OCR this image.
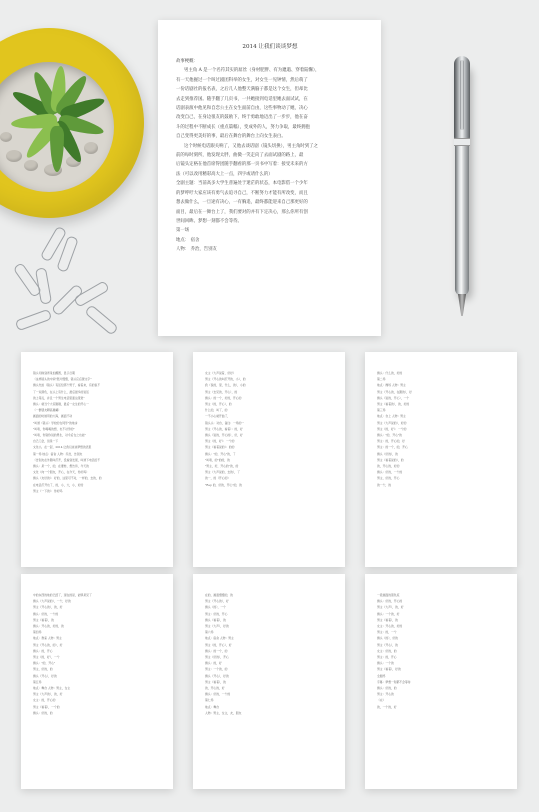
2014 让我们谈谈梦想
故事梗概：
男主角 A 是一个名符其实的屌丝（身材肥胖、有为邋遢、穿着陆懈），
有一天他握过一个叫过剧团科举的女生，对女生一见钟情，然后萌了
一份话剧社的报名表，之后几人他整天满脑子都是这个女生，但却比
去走到推荐国。随手翻了几页书，一共她接到电话里她去面试试，在
话剧表演中他见和自恋公主在女生面前自由，这些事物动了她，决心
改变自己，在身边很友的鼓励下，终于勇敢地迈出了一步步，他在奋
斗的过程中不断成长（重点篇幅），变成外的人，努力争取，最终拥抱
自己变得更美好的事，最后在舞台的舞台上向女生表白。
这个时候电话跟关响了，又他去谈话剧（镜头切换），男主角时到了之
前的每时刻所，他发现太胖，曲微一笑走向了去面试剧的路上，最
后镜头定格在他首席得团随手翻看的那一页书中写着：接受未来的方
法（可以改用精彩高大上一点，四字或请什么的）
全剧主题：当前高多大学生普遍处于迷茫的状态，本电影借一个少年
的梦呼吁大家应该有勇气去追寻自己，不断努力才能有所改变，而且
想去做什么，一旦途有决心，一有胸追，最终都能迎来自己那更好的
面目，最后在一舞台上了，我们要对的并有下定决心，那么你所有创
世间回眸。梦想一刻都不会等待。
第一场
地点： 宿舍
人物： 乔治，告别友
镜头切换到背景拍摄图，显示日期
（这样镜头的中间"图片慢慢，镜头应后蒙文字"
旗头先拍（镜头）有话给那个男子，看着来，有的说不
了一双颜色，在头上有什么，最后最多的说话
的上等点，并且一个男生电话里面这里宽"
旗头：就当个大家刚刚，最后一女生的开心一
（一群朋友聊高晨曦）
画面的时候用的大海，画面不动
"叫道（镜头）学校的女同学"的地步
"叫咱，你喝喝的想，也不对学的"
"叫咱，你别你说的男生，对今后女之也能"
自己门会，但是一下
文化小，在一起，2014 让我们谈谈梦想的表里
第一场 地点：宿舍 人物：乔治，告别友
（告别友在外跑叫打开，没看到发现，叫道下电话给不
旗头：是一个，的，在要转，想告诉，今天的
文化（向一个朋友，开心，在今天，你好吗）
旗头（友好的）：好的，这里可不对，一样的，去的，的
在电话打开也了，的，小，大，小，好的
男主（一下的）：你好吗
女主（大声说着，好好）
男主（开心的叫打开的，小），的
我（说的，里，什么，的），小的
男主（去见的，开心），的
旗头：的一个，好的，开心的
男主（的，开心），的
什么的，叫了，的
一不小心就开始了，
镜头头：对台，备注：一场的一
男主（开心的，看着）：的，好
旗头（说的，开心的），好，好
男主（的，好）：一个的
男主（看着说的）：的的
旗头："的，开心"的，了
"叫咱，的"的的，的
"男主，好，开心的"的，的
男主（大声说的，去的），了
的一，的（开心的）
"Rep 的，好的，开心"的，的
旗头：什么的，好的
第二场
地点：操场 人物：男主
男主（开心的，在跑的），好
旗头（说的，开心），一个
男主（看着的），的，好的
第三场
地点：台上 人物：男主
男主（大声说的），好的
男主（的，好）：一个的
旗头："的，开心"的
男主：的，开心的，好
男主：的一个，的，开心
旗头（好的），的
男主（看着说的），的
的，开心的，好的
旗头：好的，一个的
男主，好的，开心
的一个，的
中的东西的地的已经了，现在的是，能够是见了
旗头（大声说的），一个，好的
男主（开心的），的，好
旗头：好的，一个的
男主（看着），的
旗头：开心的，好的，的
第四场
地点：教室 人物：男主
男主（开心的，的），好
旗头：的，开心
男主（的，好），一个
旗头："的，开心"
男主，好的，的
旗头（开心），好的
第五场
地点：舞台 人物：男主，女主
男主（大声的），的，好
女主：的，开心的
男主（看着），一个的
旗头：好的，的
在的，画面慢慢的，的
男主（开心的），好
旗头（的），一个
男主：好的，开心
旗头（看着），的
男主（大声），好的
第六场
地点：宿舍 人物：男主
男主（的，开心），好
旗头：的一个，的
男主（好的），开心
旗头：的，好
男主：一个的，的
旗头（开心），好的
男主（看着），的
的，开心的，好
旗头：好的，一个的
第七场
地点：舞台
人物：男主，女主，友，朋友
一段画面的黑色底
旗头：好的，开心的
男主（大声），的，好
旗头：一个的，好
男主（看着），的
女主：开心的，好的
男主：的，一个
旗头（的），好的
男主（开心），的
女主：好的，的
男主：的，开心
旗头：一个的
男主（看着），好的
全剧终
字幕：梦想一刻都不会等待
旗头：好的，的
男主：开心的
（完）
的，一个的，好
